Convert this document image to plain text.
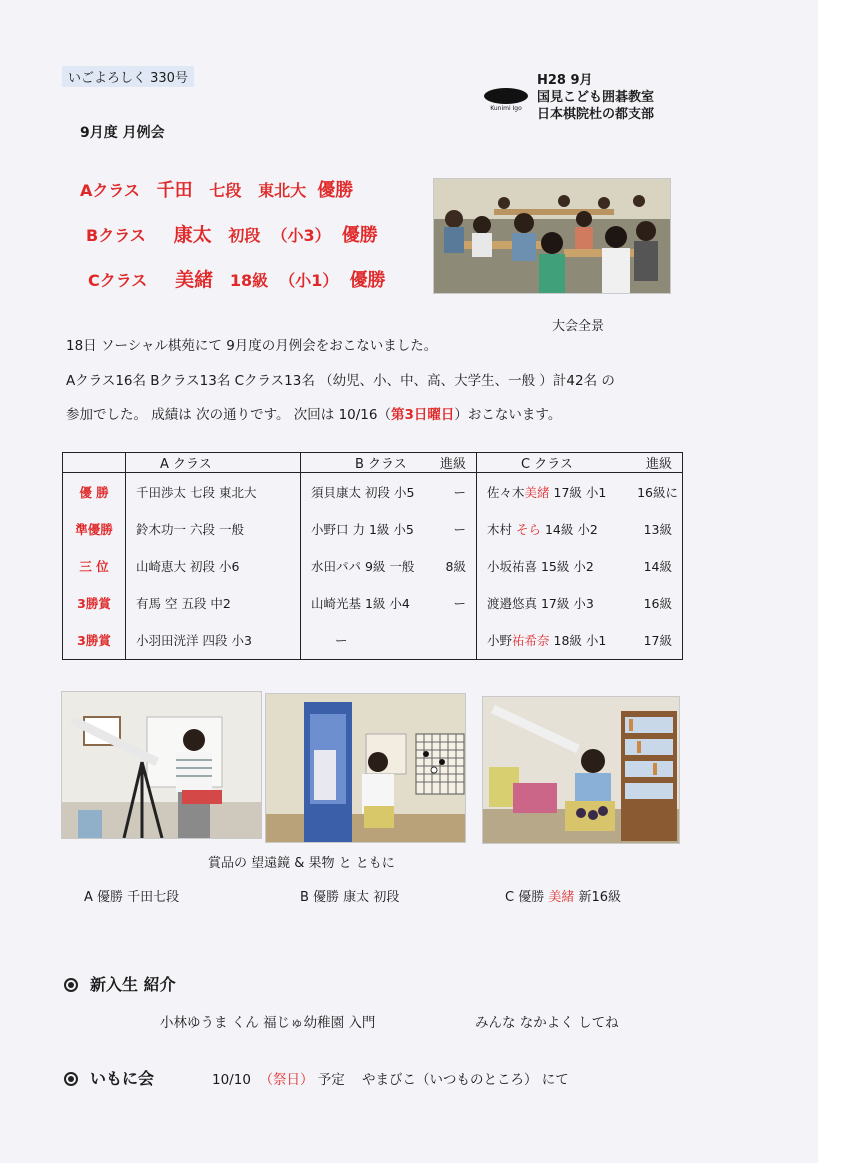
いごよろしく 330号
Kunimi Igo
H28 9月
国見こども囲碁教室
日本棋院杜の都支部
9月度 月例会
Aクラス 千田 七段 東北大 優勝
Bクラス 康太 初段 （小3） 優勝
Cクラス 美緒 18級 （小1） 優勝
大会全景
18日 ソーシャル棋苑にて 9月度の月例会をおこないました。
Aクラス16名 Bクラス13名 Cクラス13名 （幼児、小、中、高、大学生、一般 ）計42名 の
参加でした。 成績は 次の通りです。 次回は 10/16（第3日曜日）おこないます。
	A クラス	B クラス 進級	C クラス 進級

優 勝	千田渉太 七段 東北大	須貝康太 初段 小5 ー	佐々木美緒 17級 小1 16級に

準優勝	鈴木功一 六段 一般	小野口 力 1級 小5 ー	木村 そら 14級 小2 13級

三 位	山崎恵大 初段 小6	水田パパ 9級 一般 8級	小坂祐喜 15級 小2 14級

3勝賞	有馬 空 五段 中2	山崎光基 1級 小4 ー	渡邉悠真 17級 小3 16級

3勝賞	小羽田洸洋 四段 小3	ー	小野祐希奈 18級 小1 17級
賞品の 望遠鏡 & 果物 と ともに
A 優勝 千田七段	B 優勝 康太 初段	C 優勝 美緒 新16級
新入生 紹介
小林ゆうま くん 福じゅ幼稚園 入門	みんな なかよく してね
いもに会	10/10 （祭日） 予定 やまびこ（いつものところ） にて
